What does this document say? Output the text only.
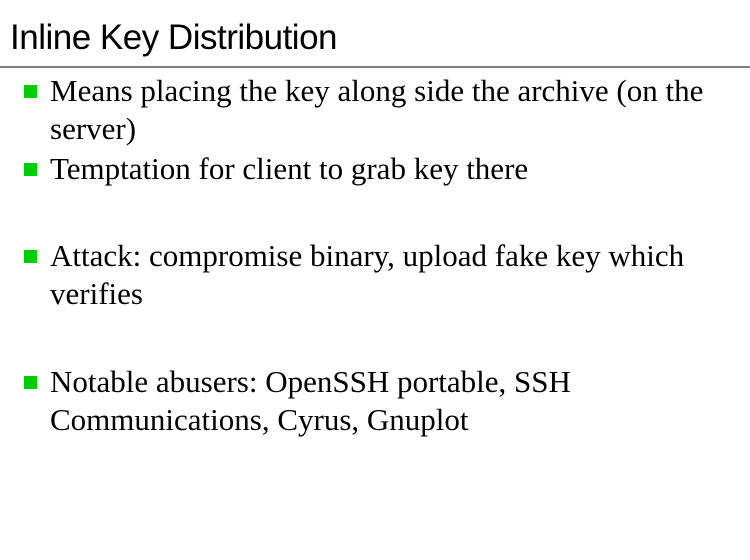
Inline Key Distribution
Means placing the key along side the archive (on the server)
Temptation for client to grab key there
Attack: compromise binary, upload fake key which verifies
Notable abusers: OpenSSH portable, SSH Communications, Cyrus, Gnuplot
